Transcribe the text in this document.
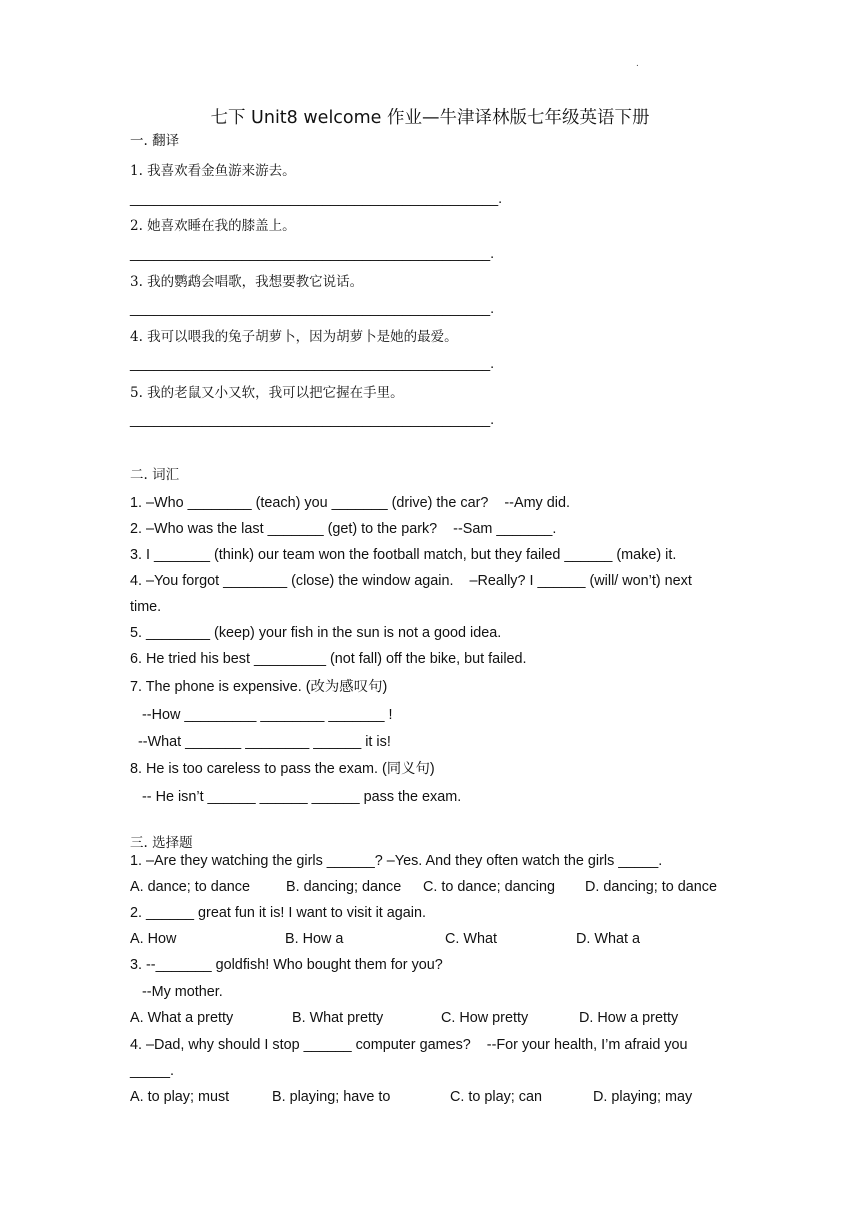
.
七下 Unit8 welcome 作业—牛津译林版七年级英语下册
一. 翻译
1. 我喜欢看金鱼游来游去。
______________________________________________.
2. 她喜欢睡在我的膝盖上。
_____________________________________________.
3. 我的鹦鹉会唱歌，我想要教它说话。
_____________________________________________.
4. 我可以喂我的兔子胡萝卜，因为胡萝卜是她的最爱。
_____________________________________________.
5. 我的老鼠又小又软，我可以把它握在手里。
_____________________________________________.
二. 词汇
1. –Who ________ (teach) you _______ (drive) the car?    --Amy did.
2. –Who was the last _______ (get) to the park?    --Sam _______.
3. I _______ (think) our team won the football match, but they failed ______ (make) it.
4. –You forgot ________ (close) the window again.    –Really? I ______ (will/ won’t) next
time.
5. ________ (keep) your fish in the sun is not a good idea.
6. He tried his best _________ (not fall) off the bike, but failed.
7. The phone is expensive. (改为感叹句)
--How _________ ________ _______ !
--What _______ ________ ______ it is!
8. He is too careless to pass the exam. (同义句)
-- He isn’t ______ ______ ______ pass the exam.
三. 选择题
1. –Are they watching the girls ______? –Yes. And they often watch the girls _____.
A. dance; to dance B. dancing; dance C. to dance; dancing D. dancing; to dance
2. ______ great fun it is! I want to visit it again.
A. How	B. How a	C. What	D. What a
3. --_______ goldfish! Who bought them for you?
--My mother.
A. What a pretty	B. What pretty	C. How pretty	D. How a pretty
4. –Dad, why should I stop ______ computer games?    --For your health, I’m afraid you
_____.
A. to play; must	B. playing; have to	C. to play; can	D. playing; may
